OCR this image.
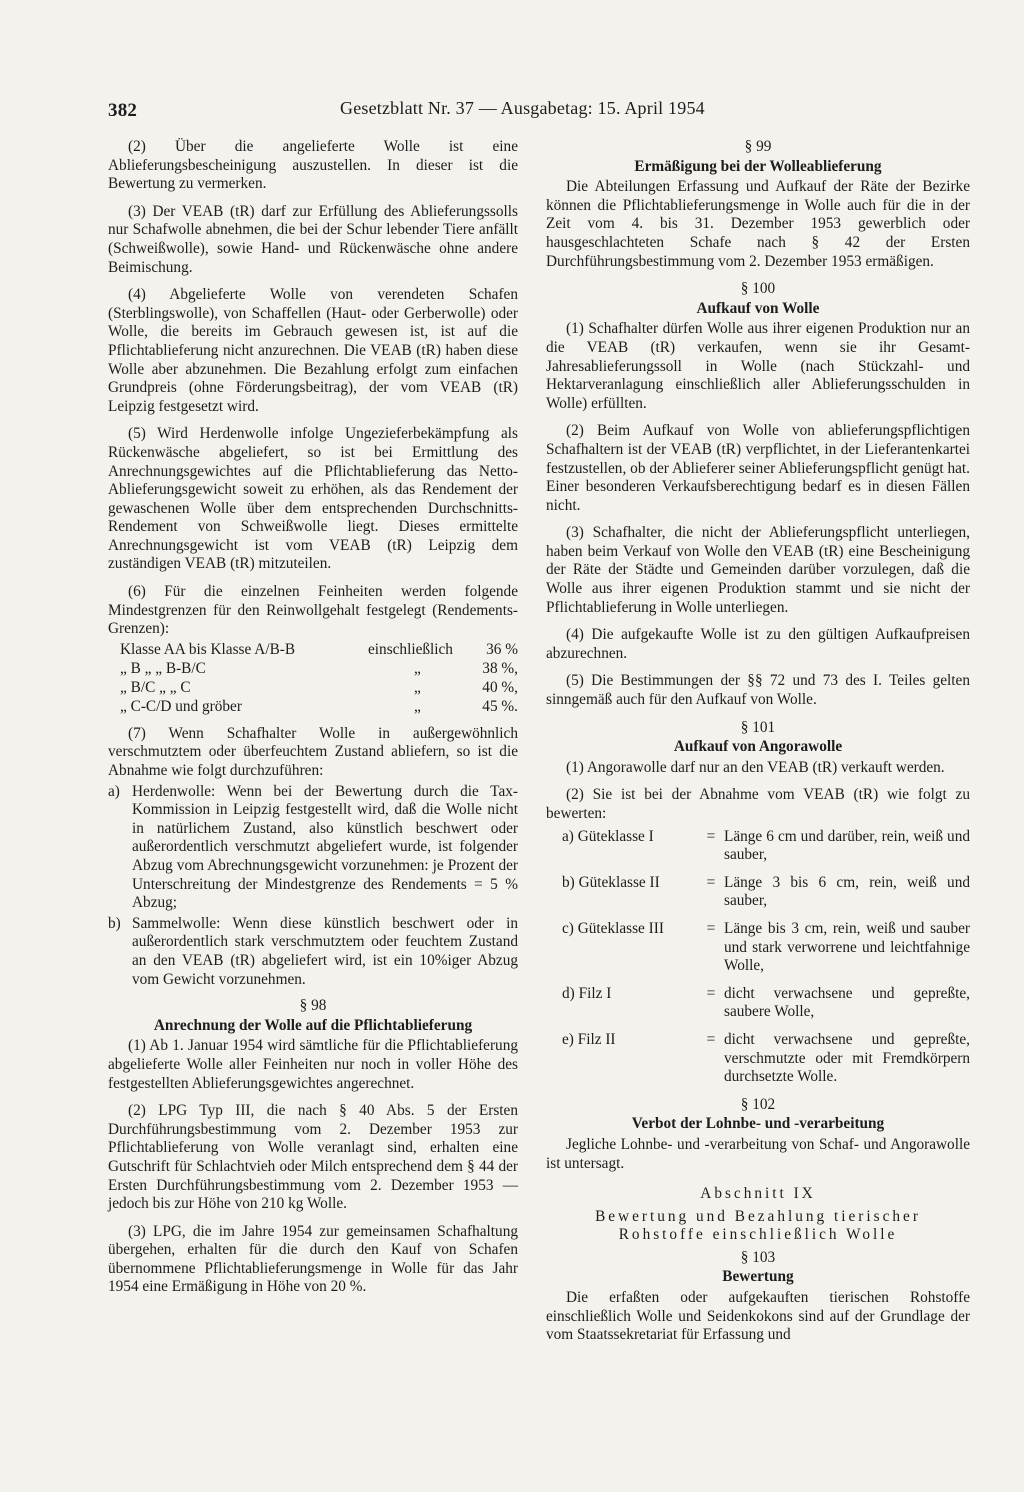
382	Gesetzblatt Nr. 37 — Ausgabetag: 15. April 1954

(2) Über die angelieferte Wolle ist eine Ablieferungsbescheinigung auszustellen. In dieser ist die Bewertung zu vermerken.

(3) Der VEAB (tR) darf zur Erfüllung des Ablieferungssolls nur Schafwolle abnehmen, die bei der Schur lebender Tiere anfällt (Schweißwolle), sowie Hand- und Rückenwäsche ohne andere Beimischung.

(4) Abgelieferte Wolle von verendeten Schafen (Sterblingswolle), von Schaffellen (Haut- oder Gerberwolle) oder Wolle, die bereits im Gebrauch gewesen ist, ist auf die Pflichtablieferung nicht anzurechnen. Die VEAB (tR) haben diese Wolle aber abzunehmen. Die Bezahlung erfolgt zum einfachen Grundpreis (ohne Förderungsbeitrag), der vom VEAB (tR) Leipzig festgesetzt wird.

(5) Wird Herdenwolle infolge Ungezieferbekämpfung als Rückenwäsche abgeliefert, so ist bei Ermittlung des Anrechnungsgewichtes auf die Pflichtablieferung das Netto-Ablieferungsgewicht soweit zu erhöhen, als das Rendement der gewaschenen Wolle über dem entsprechenden Durchschnitts-Rendement von Schweißwolle liegt. Dieses ermittelte Anrechnungsgewicht ist vom VEAB (tR) Leipzig dem zuständigen VEAB (tR) mitzuteilen.

(6) Für die einzelnen Feinheiten werden folgende Mindestgrenzen für den Reinwollgehalt festgelegt (Rendements-Grenzen):

Klasse AA bis Klasse A/B-B	einschließlich	36 %
„ B „ „ B-B/C	„	38 %,
„ B/C „ „ C	„	40 %,
„ C-C/D und gröber	„	45 %.

(7) Wenn Schafhalter Wolle in außergewöhnlich verschmutztem oder überfeuchtem Zustand abliefern, so ist die Abnahme wie folgt durchzuführen:

a) Herdenwolle: Wenn bei der Bewertung durch die Tax-Kommission in Leipzig festgestellt wird, daß die Wolle nicht in natürlichem Zustand, also künstlich beschwert oder außerordentlich verschmutzt abgeliefert wurde, ist folgender Abzug vom Abrechnungsgewicht vorzunehmen: je Prozent der Unterschreitung der Mindestgrenze des Rendements = 5 % Abzug;
b) Sammelwolle: Wenn diese künstlich beschwert oder in außerordentlich stark verschmutztem oder feuchtem Zustand an den VEAB (tR) abgeliefert wird, ist ein 10%iger Abzug vom Gewicht vorzunehmen.
§ 98
Anrechnung der Wolle auf die Pflichtablieferung

(1) Ab 1. Januar 1954 wird sämtliche für die Pflichtablieferung abgelieferte Wolle aller Feinheiten nur noch in voller Höhe des festgestellten Ablieferungsgewichtes angerechnet.

(2) LPG Typ III, die nach § 40 Abs. 5 der Ersten Durchführungsbestimmung vom 2. Dezember 1953 zur Pflichtablieferung von Wolle veranlagt sind, erhalten eine Gutschrift für Schlachtvieh oder Milch entsprechend dem § 44 der Ersten Durchführungsbestimmung vom 2. Dezember 1953 — jedoch bis zur Höhe von 210 kg Wolle.

(3) LPG, die im Jahre 1954 zur gemeinsamen Schafhaltung übergehen, erhalten für die durch den Kauf von Schafen übernommene Pflichtablieferungsmenge in Wolle für das Jahr 1954 eine Ermäßigung in Höhe von 20 %.

§ 99
Ermäßigung bei der Wolleablieferung

Die Abteilungen Erfassung und Aufkauf der Räte der Bezirke können die Pflichtablieferungsmenge in Wolle auch für die in der Zeit vom 4. bis 31. Dezember 1953 gewerblich oder hausgeschlachteten Schafe nach § 42 der Ersten Durchführungsbestimmung vom 2. Dezember 1953 ermäßigen.

§ 100
Aufkauf von Wolle

(1) Schafhalter dürfen Wolle aus ihrer eigenen Produktion nur an die VEAB (tR) verkaufen, wenn sie ihr Gesamt-Jahresablieferungssoll in Wolle (nach Stückzahl- und Hektarveranlagung einschließlich aller Ablieferungsschulden in Wolle) erfüllten.

(2) Beim Aufkauf von Wolle von ablieferungspflichtigen Schafhaltern ist der VEAB (tR) verpflichtet, in der Lieferantenkartei festzustellen, ob der Ablieferer seiner Ablieferungspflicht genügt hat. Einer besonderen Verkaufsberechtigung bedarf es in diesen Fällen nicht.

(3) Schafhalter, die nicht der Ablieferungspflicht unterliegen, haben beim Verkauf von Wolle den VEAB (tR) eine Bescheinigung der Räte der Städte und Gemeinden darüber vorzulegen, daß die Wolle aus ihrer eigenen Produktion stammt und sie nicht der Pflichtablieferung in Wolle unterliegen.

(4) Die aufgekaufte Wolle ist zu den gültigen Aufkaufpreisen abzurechnen.

(5) Die Bestimmungen der §§ 72 und 73 des I. Teiles gelten sinngemäß auch für den Aufkauf von Wolle.

§ 101
Aufkauf von Angorawolle

(1) Angorawolle darf nur an den VEAB (tR) verkauft werden.

(2) Sie ist bei der Abnahme vom VEAB (tR) wie folgt zu bewerten:

a) Güteklasse I	= Länge 6 cm und darüber, rein, weiß und sauber,
b) Güteklasse II	= Länge 3 bis 6 cm, rein, weiß und sauber,
c) Güteklasse III	= Länge bis 3 cm, rein, weiß und sauber und stark verworrene und leichtfahnige Wolle,
d) Filz I	= dicht verwachsene und gepreßte, saubere Wolle,
e) Filz II	= dicht verwachsene und gepreßte, verschmutzte oder mit Fremdkörpern durchsetzte Wolle.
§ 102
Verbot der Lohnbe- und -verarbeitung

Jegliche Lohnbe- und -verarbeitung von Schaf- und Angorawolle ist untersagt.

Abschnitt IX
Bewertung und Bezahlung tierischer
Rohstoffe einschließlich Wolle
§ 103
Bewertung

Die erfaßten oder aufgekauften tierischen Rohstoffe einschließlich Wolle und Seidenkokons sind auf der Grundlage der vom Staatssekretariat für Erfassung und
